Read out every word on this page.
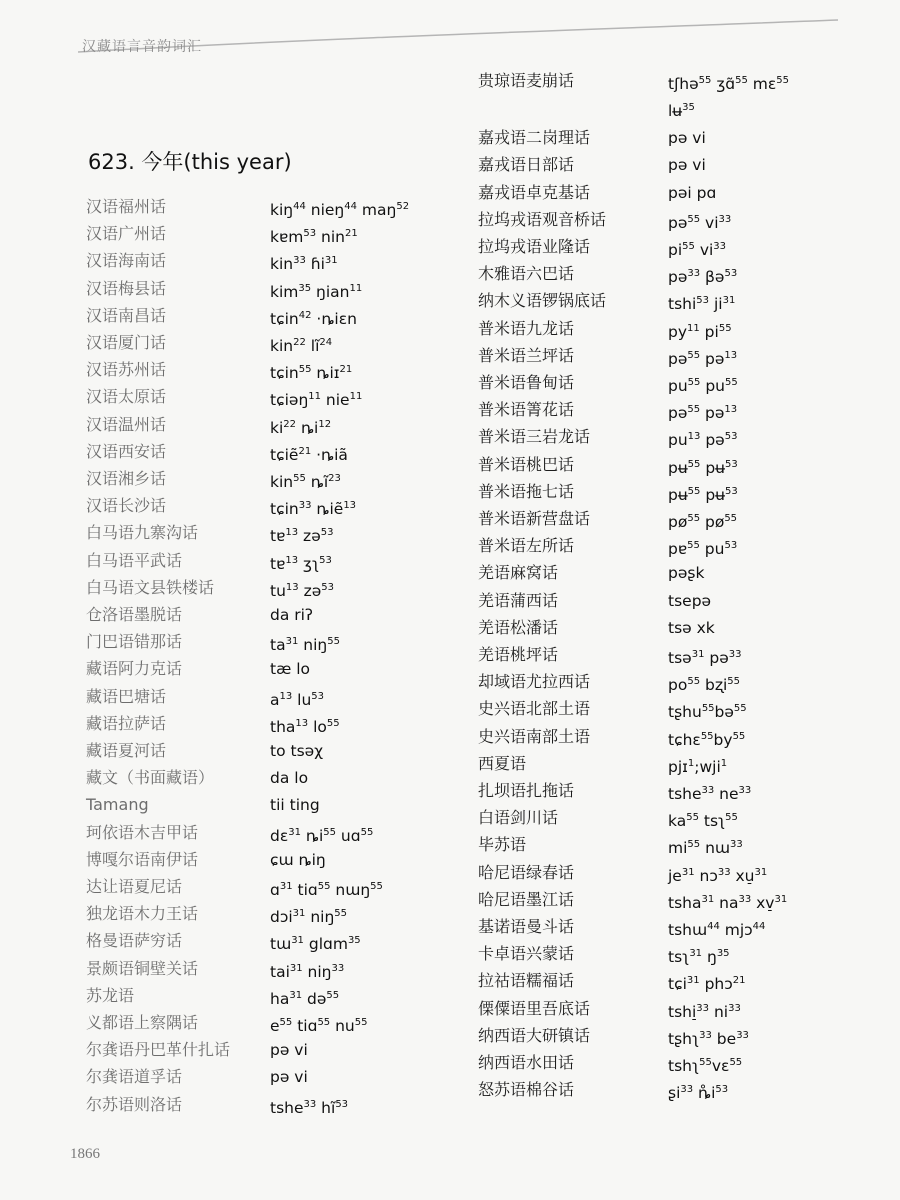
汉藏语言音韵词汇
623. 今年(this year)
汉语福州话	kiŋ$^{44}$ nieŋ$^{44}$ maŋ$^{52}$
汉语广州话	kɐm$^{53}$ nin$^{21}$
汉语海南话	kin$^{33}$ ɦi$^{31}$
汉语梅县话	kim$^{35}$ ŋian$^{11}$
汉语南昌话	tɕin$^{42}$ ·ȵiɛn
汉语厦门话	kin$^{22}$ $lĩ^{24}$
汉语苏州话	tɕin$^{55}$ ȵiɪ$^{21}$
汉语太原话	tɕiəŋ$^{11}$ nie$^{11}$
汉语温州话	$ki^{22}$ $ȵi^{12}$
汉语西安话	tɕiẽ$^{21}$ ·ȵiã
汉语湘乡话	kin$^{55}$ $ȵĩ^{23}$
汉语长沙话	tɕin$^{33}$ ȵiẽ$^{13}$
白马语九寨沟话	tɐ$^{13}$ zə$^{53}$
白马语平武话	tɐ$^{13}$ ʒʅ$^{53}$
白马语文县铁楼话	$tu^{13}$ zə$^{53}$
仓洛语墨脱话	da riʔ
门巴语错那话	$ta^{31}$ niŋ$^{55}$
藏语阿力克话	tæ lo
藏语巴塘话	$a^{13}$ $lu^{53}$
藏语拉萨话	tha$^{13}$ $lo^{55}$
藏语夏河话	to tsəχ
藏文（书面藏语）	da lo
Tamang	tii ting
珂依语木吉甲话	dɛ$^{31}$ $ȵi^{55}$ uɑ$^{55}$
博嘎尔语南伊话	ɕɯ ȵiŋ
达让语夏尼话	ɑ$^{31}$ tiɑ$^{55}$ nɯŋ$^{55}$
独龙语木力王话	dɔi$^{31}$ niŋ$^{55}$
格曼语萨穷话	tɯ$^{31}$ glɑm$^{35}$
景颇语铜壁关话	tai$^{31}$ niŋ$^{33}$
苏龙语	$ha^{31}$ də$^{55}$
义都语上察隅话	$e^{55}$ tiɑ$^{55}$ $nu^{55}$
尔龚语丹巴革什扎话	pə vi
尔龚语道孚话	pə vi
尔苏语则洛话	tshe$^{33}$ $hĩ^{53}$
贵琼语麦崩话	tʃhə$^{55}$ ʒɑ̃$^{55}$ mɛ$^{55}$
lʉ$^{35}$
嘉戎语二岗理话	pə vi
嘉戎语日部话	pə vi
嘉戎语卓克基话	pəi pɑ
拉坞戎语观音桥话	pə$^{55}$ $vi^{33}$
拉坞戎语业隆话	$pi^{55}$ $vi^{33}$
木雅语六巴话	pə$^{33}$ βə$^{53}$
纳木义语锣锅底话	tshi$^{53}$ $ji^{31}$
普米语九龙话	$py^{11}$ $pi^{55}$
普米语兰坪话	pə$^{55}$ pə$^{13}$
普米语鲁甸话	$pu^{55}$ $pu^{55}$
普米语箐花话	pə$^{55}$ pə$^{13}$
普米语三岩龙话	$pu^{13}$ pə$^{53}$
普米语桃巴话	pʉ$^{55}$ pʉ$^{53}$
普米语拖七话	pʉ$^{55}$ pʉ$^{53}$
普米语新营盘话	$pø^{55}$ $pø^{55}$
普米语左所话	pɐ$^{55}$ $pu^{53}$
羌语麻窝话	pəʂk
羌语蒲西话	tsepə
羌语松潘话	tsə xk
羌语桃坪话	tsə$^{31}$ pə$^{33}$
却域语尤拉西话	$po^{55}$ bʐi$^{55}$
史兴语北部土语	tʂhu$^{55}$bə$^{55}$
史兴语南部土语	$tɕhɛ^{55}by^{55}$
西夏语	pjɪ$^1$;wji$^1$
扎坝语扎拖话	tshe$^{33}$ $ne^{33}$
白语剑川话	$ka^{55}$ tsʅ$^{55}$
毕苏语	$mi^{55}$ nɯ$^{33}$
哈尼语绿春话	$je^{31}$ nɔ$^{33}$ xu̠$^{31}$
哈尼语墨江话	tsha$^{31}$ $na^{33}$ xv̠$^{31}$
基诺语曼斗话	tshɯ$^{44}$ mjɔ$^{44}$
卡卓语兴蒙话	tsʅ$^{31}$ $ŋ^{35}$
拉祜语糯福话	tɕi$^{31}$ phɔ$^{21}$
傈僳语里吾底话	tshi̠$^{33}$ $ni^{33}$
纳西语大研镇话	tʂhʅ$^{33}$ $be^{33}$
纳西语水田话	tshʅ$^{55}$vɛ$^{55}$
怒苏语棉谷话	ʂi$^{33}$ $ȵ̊i^{53}$
1866
